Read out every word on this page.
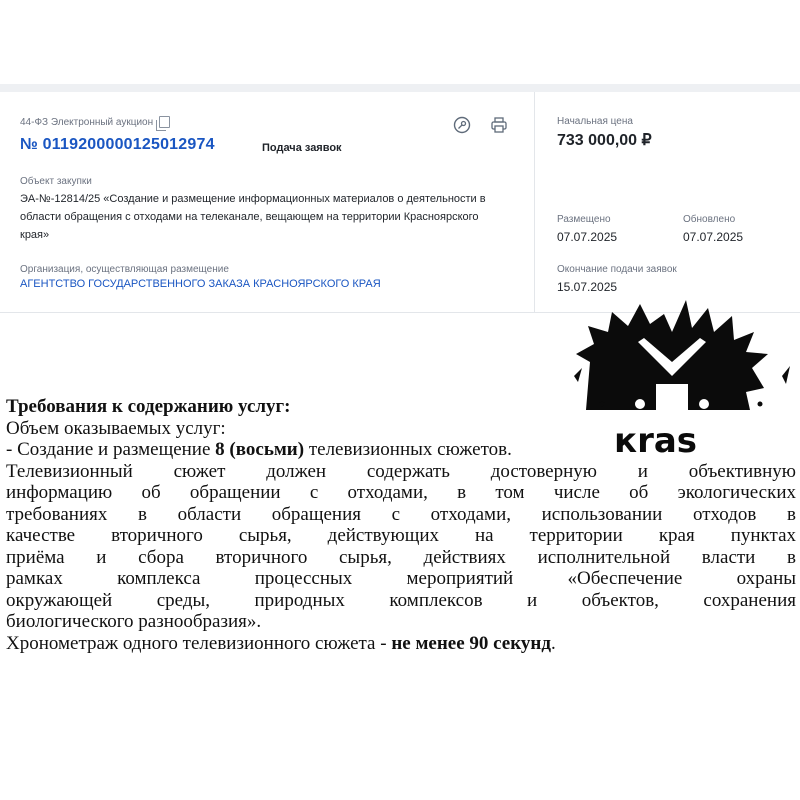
44-ФЗ Электронный аукцион
№ 0119200000125012974	Подача заявок
Объект закупки
ЭА-№-12814/25 «Создание и размещение информационных материалов о деятельности в области обращения с отходами на телеканале, вещающем на территории Красноярского края»
Организация, осуществляющая размещение
АГЕНТСТВО ГОСУДАРСТВЕННОГО ЗАКАЗА КРАСНОЯРСКОГО КРАЯ
Начальная цена
733 000,00 ₽
Размещено
07.07.2025
Обновлено
07.07.2025
Окончание подачи заявок
15.07.2025

Требования к содержанию услуг:

Объем оказываемых услуг:

- Создание и размещение 8 (восьми) телевизионных сюжетов.

Телевизионный сюжет должен содержать достоверную и объективную

информацию об обращении с отходами, в том числе об экологических

требованиях в области обращения с отходами, использовании отходов в

качестве вторичного сырья, действующих на территории края пунктах

приёма и сбора вторичного сырья, действиях исполнительной власти в

рамках комплекса процессных мероприятий «Обеспечение охраны

окружающей среды, природных комплексов и объектов, сохранения

биологического разнообразия».

Хронометраж одного телевизионного сюжета - не менее 90 секунд.

кras
